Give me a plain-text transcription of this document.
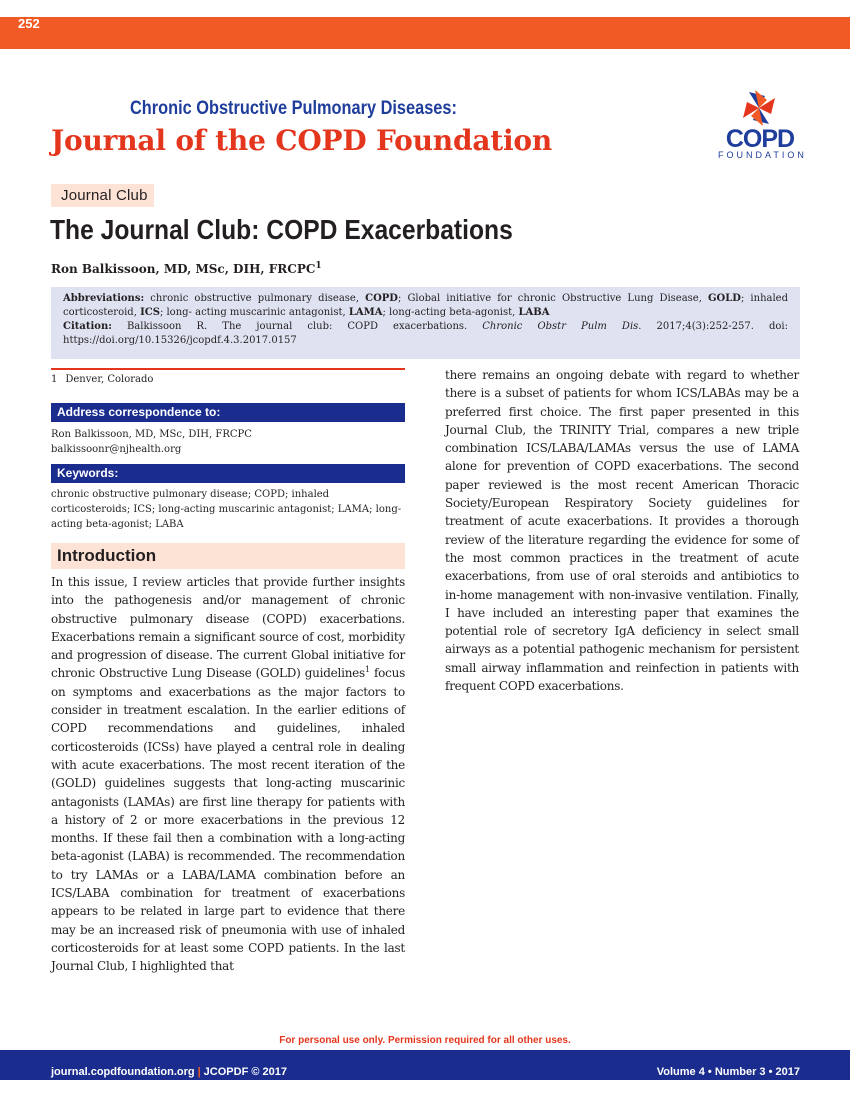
252
Chronic Obstructive Pulmonary Diseases:
Journal of the COPD Foundation	COPD
FOUNDATION
Journal Club
The Journal Club: COPD Exacerbations
Ron Balkissoon, MD, MSc, DIH, FRCPC$^1$
Abbreviations: chronic obstructive pulmonary disease, COPD; Global initiative for chronic Obstructive Lung Disease, GOLD; inhaled corticosteroid, ICS; long- acting muscarinic antagonist, LAMA; long-acting beta-agonist, LABA
Citation: Balkissoon R. The journal club: COPD exacerbations. Chronic Obstr Pulm Dis. 2017;4(3):252-257. doi: https://doi.org/10.15326/jcopdf.4.3.2017.0157
1 Denver, Colorado
Address correspondence to:
Ron Balkissoon, MD, MSc, DIH, FRCPC
balkissoonr@njhealth.org
Keywords:
chronic obstructive pulmonary disease; COPD; inhaled corticosteroids; ICS; long-acting muscarinic antagonist; LAMA; long-acting beta-agonist; LABA
Introduction
In this issue, I review articles that provide further insights into the pathogenesis and/or management of chronic obstructive pulmonary disease (COPD) exacerbations. Exacerbations remain a significant source of cost, morbidity and progression of disease. The current Global initiative for chronic Obstructive Lung Disease (GOLD) guidelines$^1$ focus on symptoms and exacerbations as the major factors to consider in treatment escalation. In the earlier editions of COPD recommendations and guidelines, inhaled corticosteroids (ICSs) have played a central role in dealing with acute exacerbations. The most recent iteration of the (GOLD) guidelines suggests that long-acting muscarinic antagonists (LAMAs) are first line therapy for patients with a history of 2 or more exacerbations in the previous 12 months. If these fail then a combination with a long-acting beta-agonist (LABA) is recommended. The recommendation to try LAMAs or a LABA/LAMA combination before an ICS/LABA combination for treatment of exacerbations appears to be related in large part to evidence that there may be an increased risk of pneumonia with use of inhaled corticosteroids for at least some COPD patients. In the last Journal Club, I highlighted that
there remains an ongoing debate with regard to whether there is a subset of patients for whom ICS/LABAs may be a preferred first choice. The first paper presented in this Journal Club, the TRINITY Trial, compares a new triple combination ICS/LABA/LAMAs versus the use of LAMA alone for prevention of COPD exacerbations. The second paper reviewed is the most recent American Thoracic Society/European Respiratory Society guidelines for treatment of acute exacerbations. It provides a thorough review of the literature regarding the evidence for some of the most common practices in the treatment of acute exacerbations, from use of oral steroids and antibiotics to in-home management with non-invasive ventilation. Finally, I have included an interesting paper that examines the potential role of secretory IgA deficiency in select small airways as a potential pathogenic mechanism for persistent small airway inflammation and reinfection in patients with frequent COPD exacerbations.
For personal use only. Permission required for all other uses.
journal.copdfoundation.org | JCOPDF © 2017	Volume 4 • Number 3 • 2017
